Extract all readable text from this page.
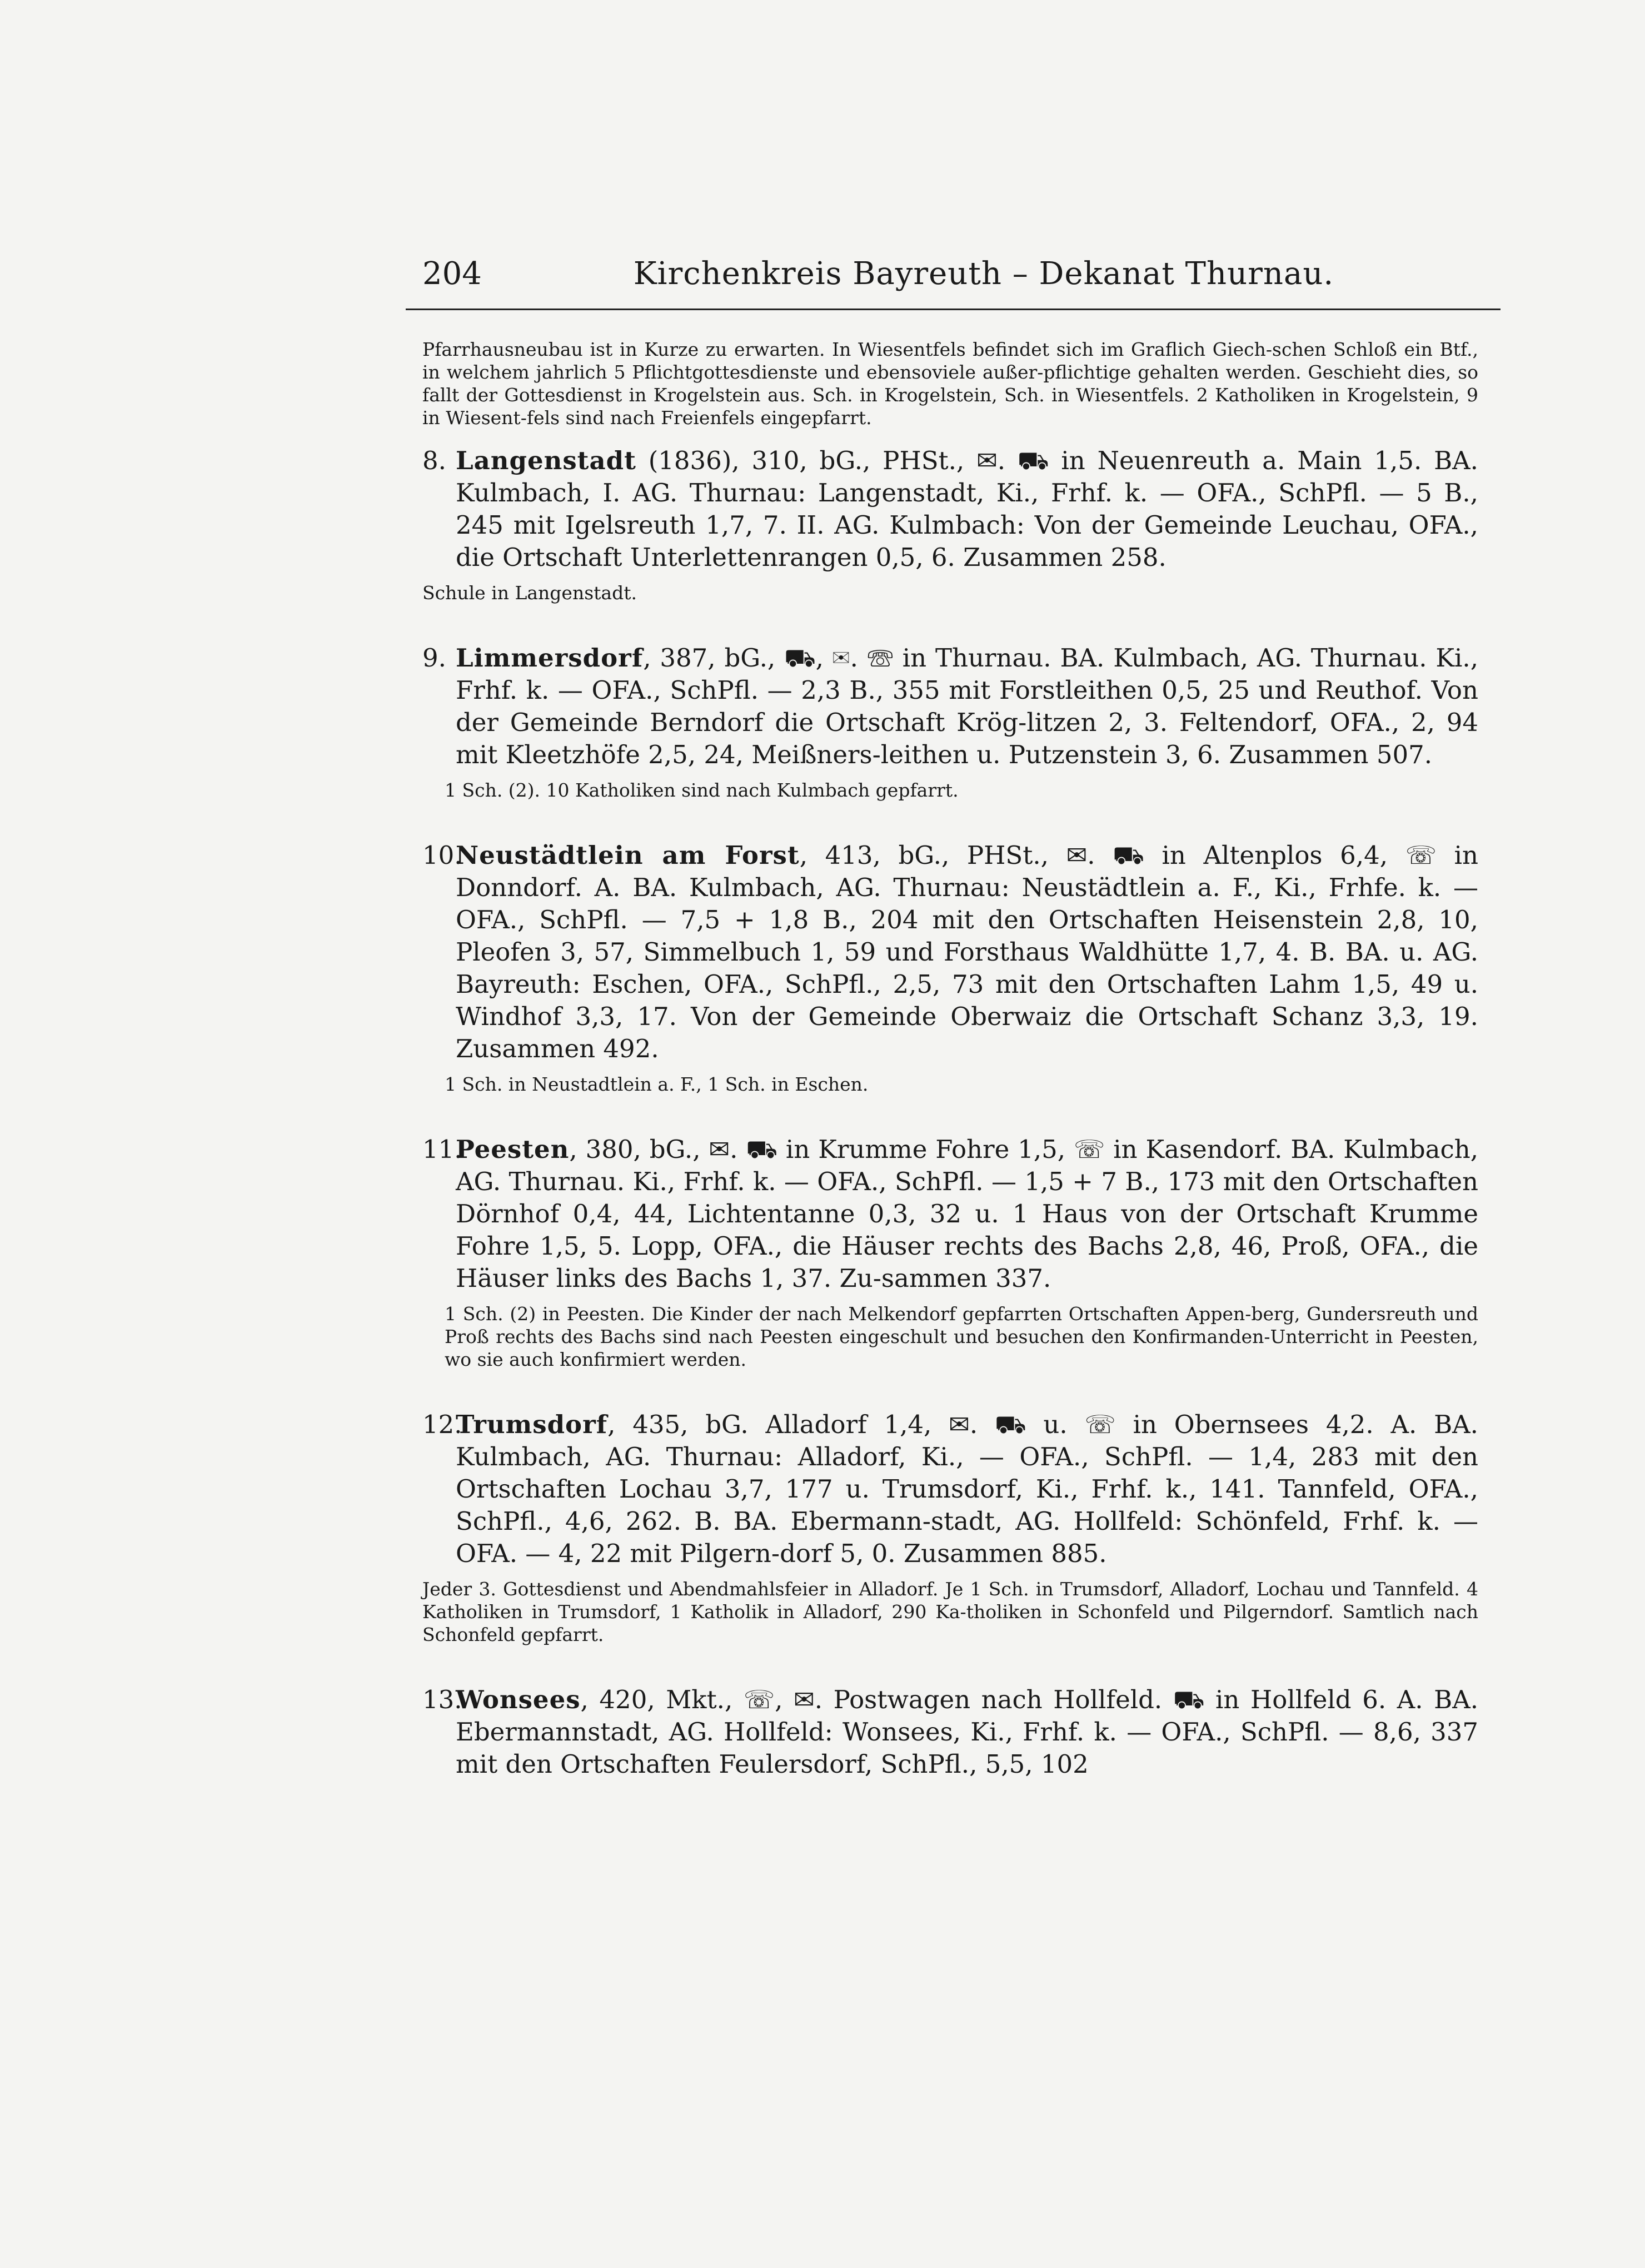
204	Kirchenkreis Bayreuth – Dekanat Thurnau.

Pfarrhausneubau ist in Kurze zu erwarten. In Wiesentfels befindet sich im Graflich Giech-schen Schloß ein Btf., in welchem jahrlich 5 Pflichtgottesdienste und ebensoviele außer-pflichtige gehalten werden. Geschieht dies, so fallt der Gottesdienst in Krogelstein aus. Sch. in Krogelstein, Sch. in Wiesentfels. 2 Katholiken in Krogelstein, 9 in Wiesent-fels sind nach Freienfels eingepfarrt.

8. Langenstadt (1836), 310, bG., PHSt., ✉. ⛟ in Neuenreuth a. Main 1,5. BA. Kulmbach, I. AG. Thurnau: Langenstadt, Ki., Frhf. k. — OFA., SchPfl. — 5 B., 245 mit Igelsreuth 1,7, 7. II. AG. Kulmbach: Von der Gemeinde Leuchau, OFA., die Ortschaft Unterlettenrangen 0,5, 6. Zusammen 258.

Schule in Langenstadt.

9. Limmersdorf, 387, bG., ⛟, ✉. ☏ in Thurnau. BA. Kulmbach, AG. Thurnau. Ki., Frhf. k. — OFA., SchPfl. — 2,3 B., 355 mit Forstleithen 0,5, 25 und Reuthof. Von der Gemeinde Berndorf die Ortschaft Krög-litzen 2, 3. Feltendorf, OFA., 2, 94 mit Kleetzhöfe 2,5, 24, Meißners-leithen u. Putzenstein 3, 6. Zusammen 507.

1 Sch. (2). 10 Katholiken sind nach Kulmbach gepfarrt.

10.Neustädtlein am Forst, 413, bG., PHSt., ✉. ⛟ in Altenplos 6,4, ☏ in Donndorf. A. BA. Kulmbach, AG. Thurnau: Neustädtlein a. F., Ki., Frhfe. k. — OFA., SchPfl. — 7,5 + 1,8 B., 204 mit den Ortschaften Heisenstein 2,8, 10, Pleofen 3, 57, Simmelbuch 1, 59 und Forsthaus Waldhütte 1,7, 4. B. BA. u. AG. Bayreuth: Eschen, OFA., SchPfl., 2,5, 73 mit den Ortschaften Lahm 1,5, 49 u. Windhof 3,3, 17. Von der Gemeinde Oberwaiz die Ortschaft Schanz 3,3, 19. Zusammen 492.

1 Sch. in Neustadtlein a. F., 1 Sch. in Eschen.

11.Peesten, 380, bG., ✉. ⛟ in Krumme Fohre 1,5, ☏ in Kasendorf. BA. Kulmbach, AG. Thurnau. Ki., Frhf. k. — OFA., SchPfl. — 1,5 + 7 B., 173 mit den Ortschaften Dörnhof 0,4, 44, Lichtentanne 0,3, 32 u. 1 Haus von der Ortschaft Krumme Fohre 1,5, 5. Lopp, OFA., die Häuser rechts des Bachs 2,8, 46, Proß, OFA., die Häuser links des Bachs 1, 37. Zu-sammen 337.

1 Sch. (2) in Peesten. Die Kinder der nach Melkendorf gepfarrten Ortschaften Appen-berg, Gundersreuth und Proß rechts des Bachs sind nach Peesten eingeschult und besuchen den Konfirmanden-Unterricht in Peesten, wo sie auch konfirmiert werden.

12.Trumsdorf, 435, bG. Alladorf 1,4, ✉. ⛟ u. ☏ in Obernsees 4,2. A. BA. Kulmbach, AG. Thurnau: Alladorf, Ki., — OFA., SchPfl. — 1,4, 283 mit den Ortschaften Lochau 3,7, 177 u. Trumsdorf, Ki., Frhf. k., 141. Tannfeld, OFA., SchPfl., 4,6, 262. B. BA. Ebermann-stadt, AG. Hollfeld: Schönfeld, Frhf. k. — OFA. — 4, 22 mit Pilgern-dorf 5, 0. Zusammen 885.

Jeder 3. Gottesdienst und Abendmahlsfeier in Alladorf. Je 1 Sch. in Trumsdorf, Alladorf, Lochau und Tannfeld. 4 Katholiken in Trumsdorf, 1 Katholik in Alladorf, 290 Ka-tholiken in Schonfeld und Pilgerndorf. Samtlich nach Schonfeld gepfarrt.

13.Wonsees, 420, Mkt., ☏, ✉. Postwagen nach Hollfeld. ⛟ in Hollfeld 6. A. BA. Ebermannstadt, AG. Hollfeld: Wonsees, Ki., Frhf. k. — OFA., SchPfl. — 8,6, 337 mit den Ortschaften Feulersdorf, SchPfl., 5,5, 102
